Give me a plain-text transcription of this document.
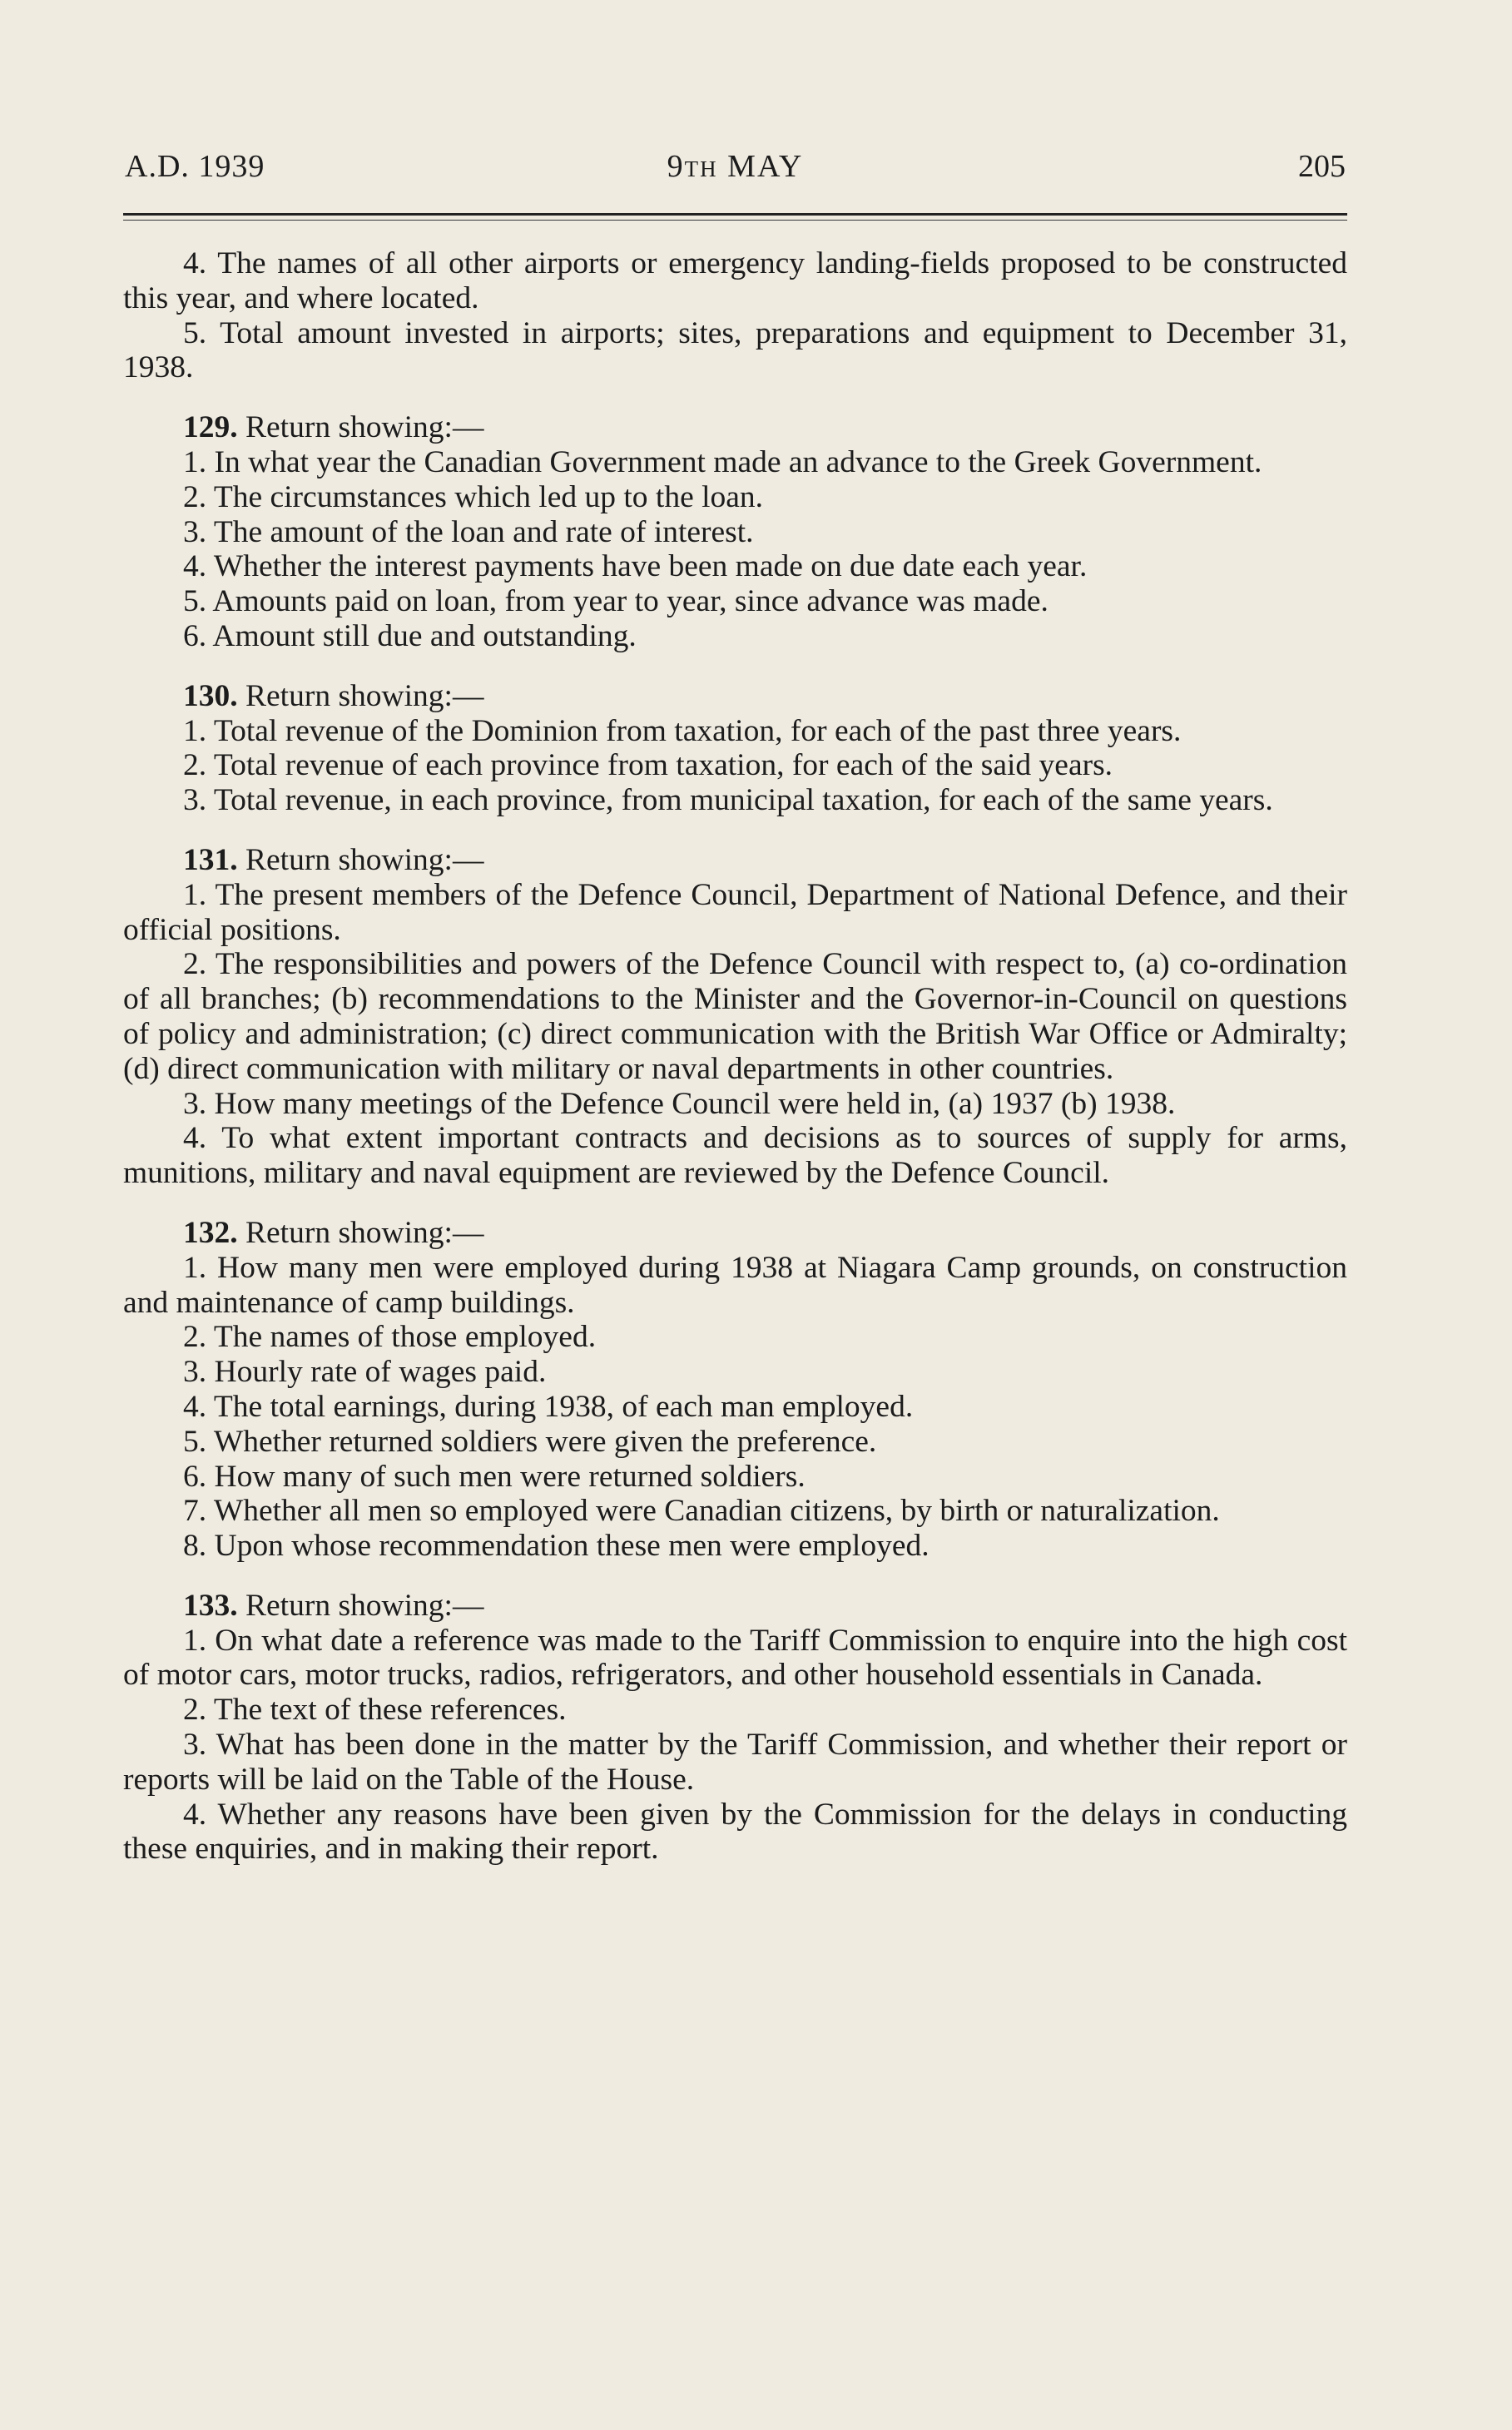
A.D. 1939	9th MAY	205

4. The names of all other airports or emergency landing-fields proposed to be constructed this year, and where located.

5. Total amount invested in airports; sites, preparations and equipment to December 31, 1938.

129. Return showing:—

1. In what year the Canadian Government made an advance to the Greek Government.

2. The circumstances which led up to the loan.

3. The amount of the loan and rate of interest.

4. Whether the interest payments have been made on due date each year.

5. Amounts paid on loan, from year to year, since advance was made.

6. Amount still due and outstanding.

130. Return showing:—

1. Total revenue of the Dominion from taxation, for each of the past three years.

2. Total revenue of each province from taxation, for each of the said years.

3. Total revenue, in each province, from municipal taxation, for each of the same years.

131. Return showing:—

1. The present members of the Defence Council, Department of National Defence, and their official positions.

2. The responsibilities and powers of the Defence Council with respect to, (a) co-ordination of all branches; (b) recommendations to the Minister and the Governor-in-Council on questions of policy and administration; (c) direct communication with the British War Office or Admiralty; (d) direct communication with military or naval departments in other countries.

3. How many meetings of the Defence Council were held in, (a) 1937 (b) 1938.

4. To what extent important contracts and decisions as to sources of supply for arms, munitions, military and naval equipment are reviewed by the Defence Council.

132. Return showing:—

1. How many men were employed during 1938 at Niagara Camp grounds, on construction and maintenance of camp buildings.

2. The names of those employed.

3. Hourly rate of wages paid.

4. The total earnings, during 1938, of each man employed.

5. Whether returned soldiers were given the preference.

6. How many of such men were returned soldiers.

7. Whether all men so employed were Canadian citizens, by birth or naturalization.

8. Upon whose recommendation these men were employed.

133. Return showing:—

1. On what date a reference was made to the Tariff Commission to enquire into the high cost of motor cars, motor trucks, radios, refrigerators, and other household essentials in Canada.

2. The text of these references.

3. What has been done in the matter by the Tariff Commission, and whether their report or reports will be laid on the Table of the House.

4. Whether any reasons have been given by the Commission for the delays in conducting these enquiries, and in making their report.
